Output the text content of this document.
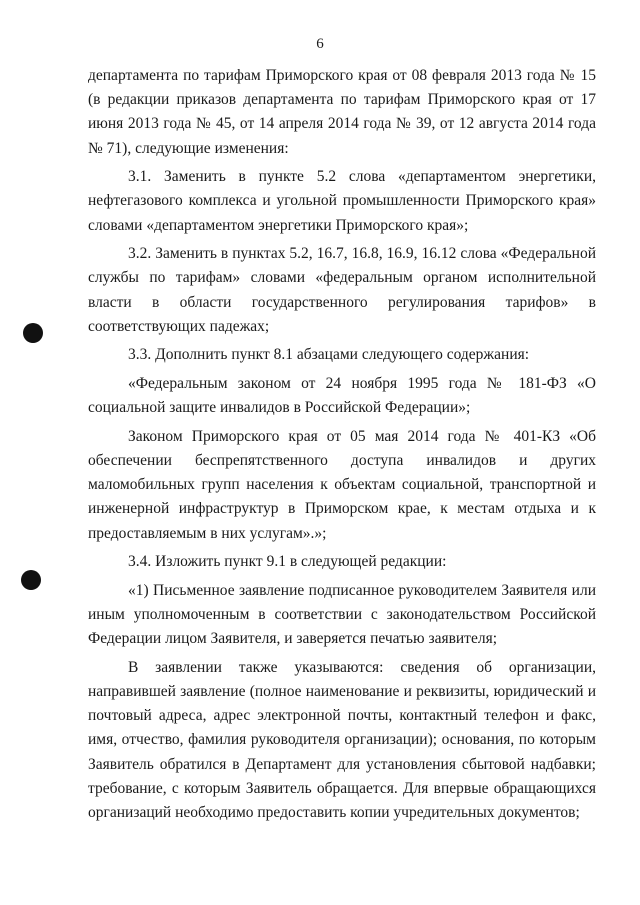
6

департамента по тарифам Приморского края от 08 февраля 2013 года № 15 (в редакции приказов департамента по тарифам Приморского края от 17 июня 2013 года № 45, от 14 апреля 2014 года № 39, от 12 августа 2014 года № 71), следующие изменения:

3.1. Заменить в пункте 5.2 слова «департаментом энергетики, нефтегазового комплекса и угольной промышленности Приморского края» словами «департаментом энергетики Приморского края»;

3.2. Заменить в пунктах 5.2, 16.7, 16.8, 16.9, 16.12 слова «Федеральной службы по тарифам» словами «федеральным органом исполнительной власти в области государственного регулирования тарифов» в соответствующих падежах;

3.3. Дополнить пункт 8.1 абзацами следующего содержания:

«Федеральным законом от 24 ноября 1995 года № 181-ФЗ «О социальной защите инвалидов в Российской Федерации»;

Законом Приморского края от 05 мая 2014 года № 401-КЗ «Об обеспечении беспрепятственного доступа инвалидов и других маломобильных групп населения к объектам социальной, транспортной и инженерной инфраструктур в Приморском крае, к местам отдыха и к предоставляемым в них услугам».»;

3.4. Изложить пункт 9.1 в следующей редакции:

«1) Письменное заявление подписанное руководителем Заявителя или иным уполномоченным в соответствии с законодательством Российской Федерации лицом Заявителя, и заверяется печатью заявителя;

В заявлении также указываются: сведения об организации, направившей заявление (полное наименование и реквизиты, юридический и почтовый адреса, адрес электронной почты, контактный телефон и факс, имя, отчество, фамилия руководителя организации); основания, по которым Заявитель обратился в Департамент для установления сбытовой надбавки; требование, с которым Заявитель обращается. Для впервые обращающихся организаций необходимо предоставить копии учредительных документов;
